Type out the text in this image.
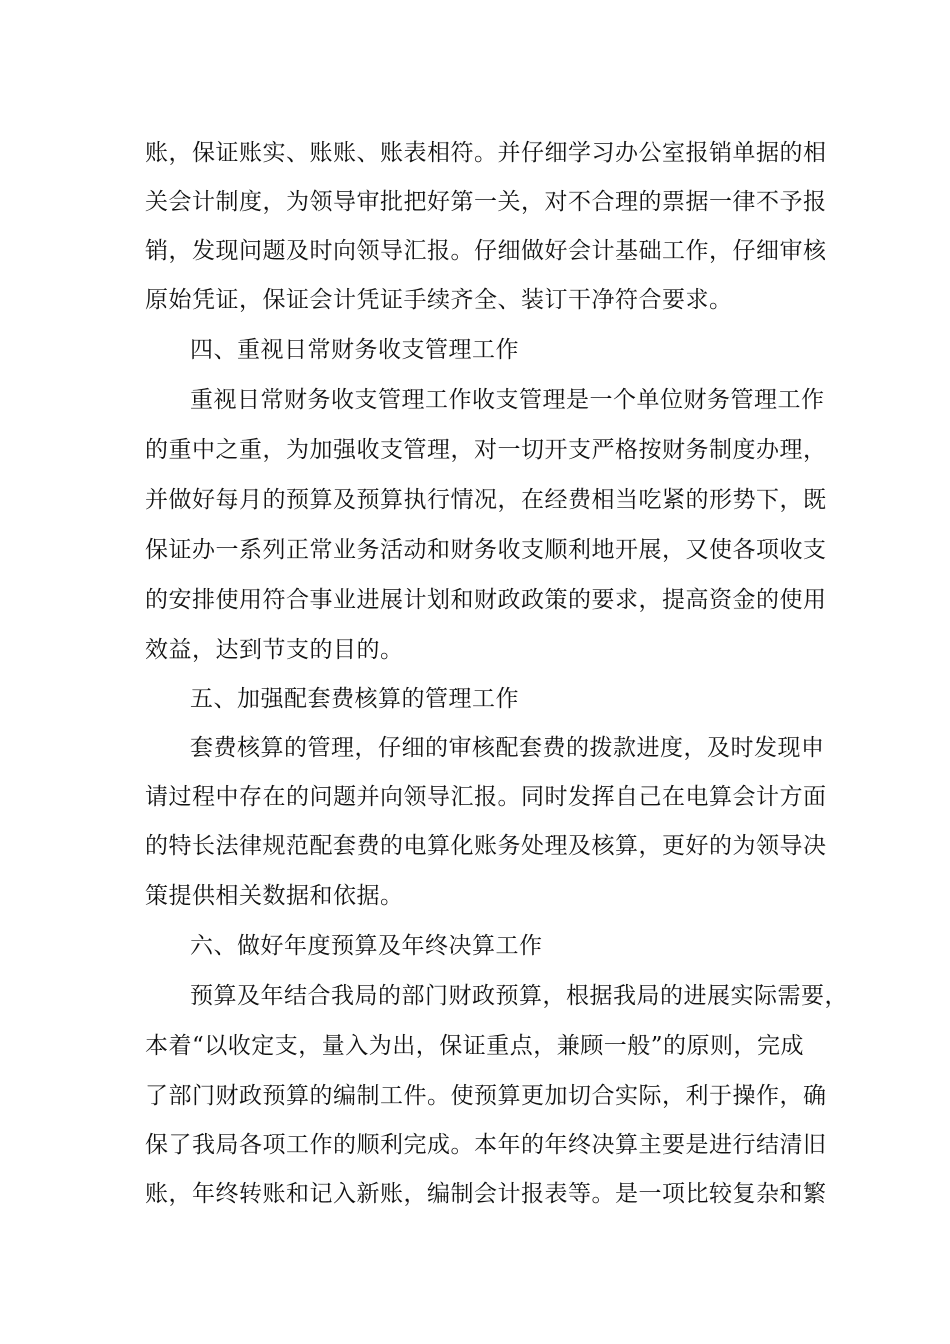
账，保证账实、账账、账表相符。并仔细学习办公室报销单据的相
关会计制度，为领导审批把好第一关，对不合理的票据一律不予报
销，发现问题及时向领导汇报。仔细做好会计基础工作，仔细审核
原始凭证，保证会计凭证手续齐全、装订干净符合要求。
四、重视日常财务收支管理工作
重视日常财务收支管理工作收支管理是一个单位财务管理工作
的重中之重，为加强收支管理，对一切开支严格按财务制度办理，
并做好每月的预算及预算执行情况，在经费相当吃紧的形势下，既
保证办一系列正常业务活动和财务收支顺利地开展，又使各项收支
的安排使用符合事业进展计划和财政政策的要求，提高资金的使用
效益，达到节支的目的。
五、加强配套费核算的管理工作
套费核算的管理，仔细的审核配套费的拨款进度，及时发现申
请过程中存在的问题并向领导汇报。同时发挥自己在电算会计方面
的特长法律规范配套费的电算化账务处理及核算，更好的为领导决
策提供相关数据和依据。
六、做好年度预算及年终决算工作
预算及年结合我局的部门财政预算，根据我局的进展实际需要，
本着“以收定支，量入为出，保证重点，兼顾一般”的原则，完成
了部门财政预算的编制工件。使预算更加切合实际，利于操作，确
保了我局各项工作的顺利完成。本年的年终决算主要是进行结清旧
账，年终转账和记入新账，编制会计报表等。是一项比较复杂和繁
